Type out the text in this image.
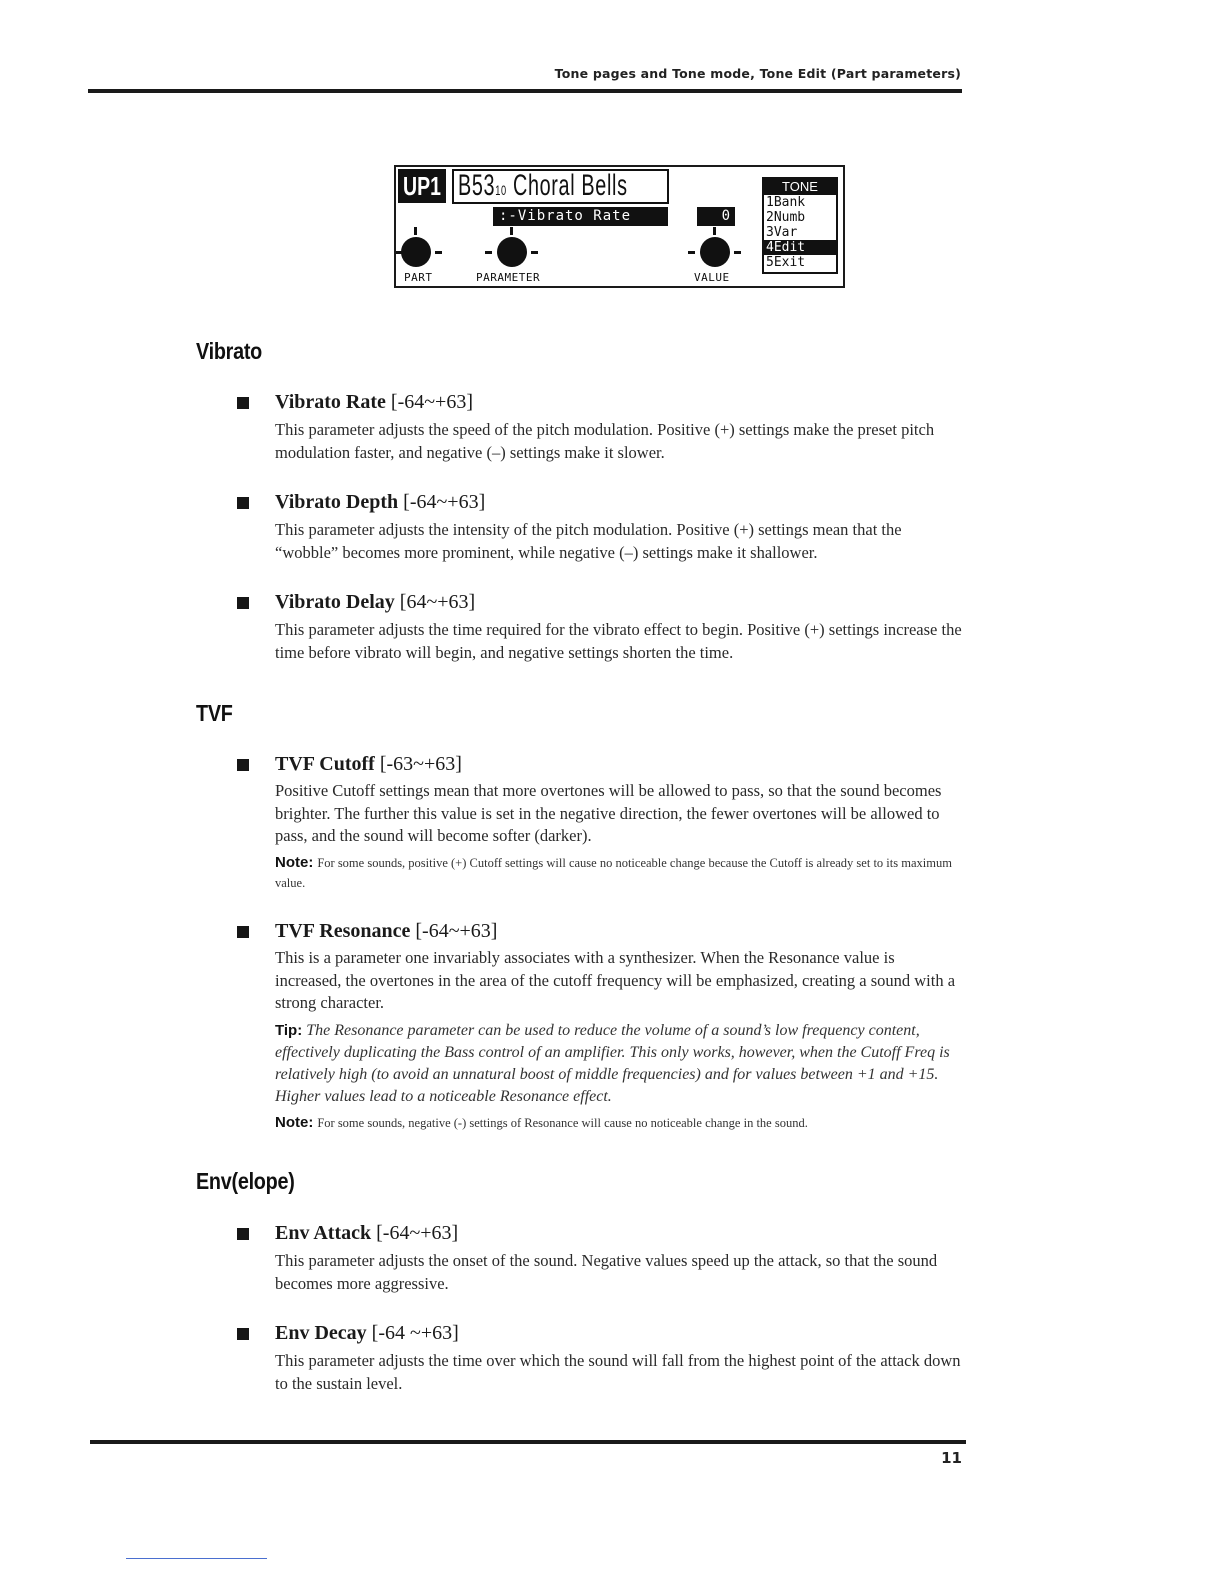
Tone pages and Tone mode, Tone Edit (Part parameters)
UP1 B5310 Choral Bells
:-Vibrato Rate	0
PART	PARAMETER	VALUE
TONE
1Bank
2Numb
3Var
4Edit
5Exit
Vibrato
Vibrato Rate [-64~+63]
This parameter adjusts the speed of the pitch modulation. Positive (+) settings make the preset pitch modulation faster, and negative (–) settings make it slower.
Vibrato Depth [-64~+63]
This parameter adjusts the intensity of the pitch modulation. Positive (+) settings mean that the “wobble” becomes more prominent, while negative (–) settings make it shallower.
Vibrato Delay [64~+63]
This parameter adjusts the time required for the vibrato effect to begin. Positive (+) settings increase the time before vibrato will begin, and negative settings shorten the time.
TVF
TVF Cutoff [-63~+63]
Positive Cutoff settings mean that more overtones will be allowed to pass, so that the sound becomes brighter. The further this value is set in the negative direction, the fewer overtones will be allowed to pass, and the sound will become softer (darker).
Note: For some sounds, positive (+) Cutoff settings will cause no noticeable change because the Cutoff is already set to its maximum value.
TVF Resonance [-64~+63]
This is a parameter one invariably associates with a synthesizer. When the Resonance value is increased, the overtones in the area of the cutoff frequency will be emphasized, creating a sound with a strong character.
Tip: The Resonance parameter can be used to reduce the volume of a sound’s low frequency content, effectively duplicating the Bass control of an amplifier. This only works, however, when the Cutoff Freq is relatively high (to avoid an unnatural boost of middle frequencies) and for values between +1 and +15. Higher values lead to a noticeable Resonance effect.
Note: For some sounds, negative (-) settings of Resonance will cause no noticeable change in the sound.
Env(elope)
Env Attack [-64~+63]
This parameter adjusts the onset of the sound. Negative values speed up the attack, so that the sound becomes more aggressive.
Env Decay [-64 ~+63]
This parameter adjusts the time over which the sound will fall from the highest point of the attack down to the sustain level.
11
